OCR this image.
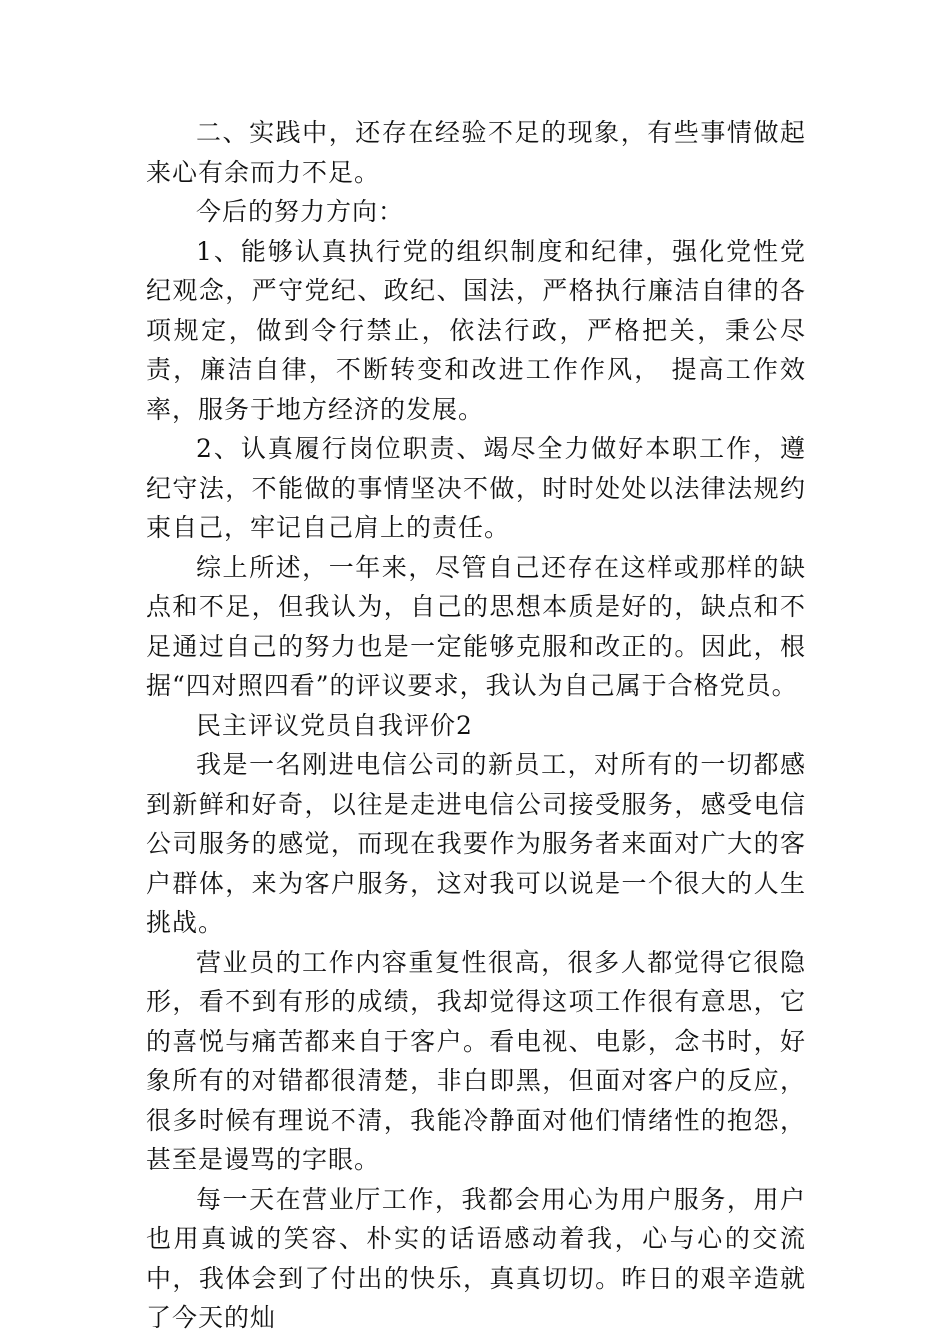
二、实践中，还存在经验不足的现象，有些事情做起来心有余而力不足。

今后的努力方向：

1、能够认真执行党的组织制度和纪律，强化党性党纪观念，严守党纪、政纪、国法，严格执行廉洁自律的各项规定，做到令行禁止，依法行政，严格把关，秉公尽责，廉洁自律，不断转变和改进工作作风， 提高工作效率，服务于地方经济的发展。

2、认真履行岗位职责、竭尽全力做好本职工作，遵纪守法，不能做的事情坚决不做，时时处处以法律法规约束自己，牢记自己肩上的责任。

综上所述，一年来，尽管自己还存在这样或那样的缺点和不足，但我认为，自己的思想本质是好的，缺点和不足通过自己的努力也是一定能够克服和改正的。因此，根据“四对照四看”的评议要求，我认为自己属于合格党员。

民主评议党员自我评价2

我是一名刚进电信公司的新员工，对所有的一切都感到新鲜和好奇，以往是走进电信公司接受服务，感受电信公司服务的感觉，而现在我要作为服务者来面对广大的客户群体，来为客户服务，这对我可以说是一个很大的人生挑战。

营业员的工作内容重复性很高，很多人都觉得它很隐形，看不到有形的成绩，我却觉得这项工作很有意思，它的喜悦与痛苦都来自于客户。看电视、电影，念书时，好象所有的对错都很清楚，非白即黑，但面对客户的反应，很多时候有理说不清，我能冷静面对他们情绪性的抱怨，甚至是谩骂的字眼。

每一天在营业厅工作，我都会用心为用户服务，用户也用真诚的笑容、朴实的话语感动着我，心与心的交流中，我体会到了付出的快乐，真真切切。昨日的艰辛造就了今天的灿
